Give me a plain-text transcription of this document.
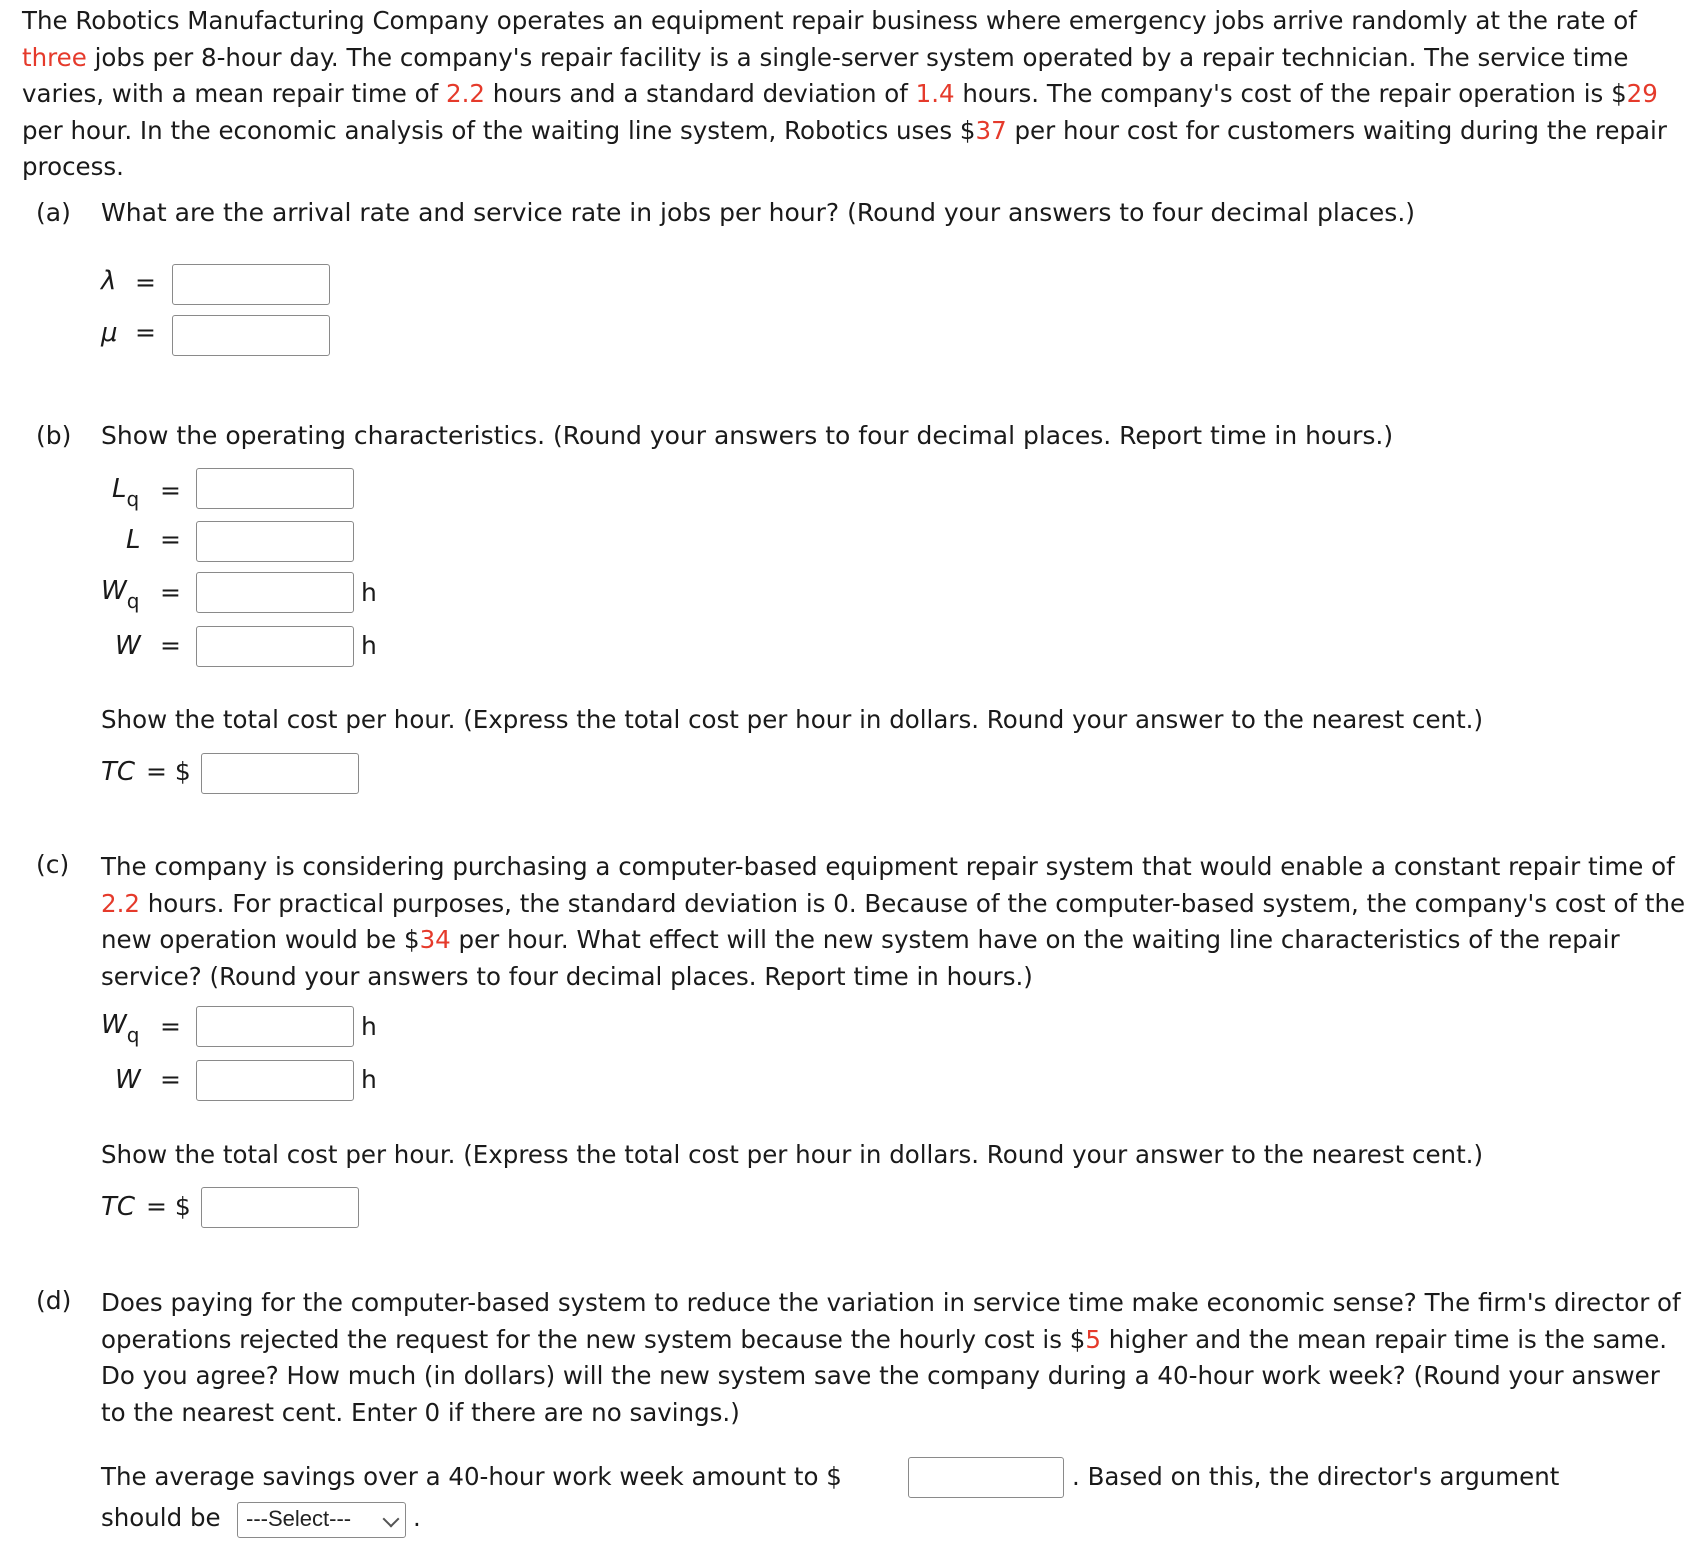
The Robotics Manufacturing Company operates an equipment repair business where emergency jobs arrive randomly at the rate of three jobs per 8-hour day. The company's repair facility is a single-server system operated by a repair technician. The service time varies, with a mean repair time of 2.2 hours and a standard deviation of 1.4 hours. The company's cost of the repair operation is $29 per hour. In the economic analysis of the waiting line system, Robotics uses $37 per hour cost for customers waiting during the repair process.

(a) What are the arrival rate and service rate in jobs per hour? (Round your answers to four decimal places.)
λ =
μ =
(b) Show the operating characteristics. (Round your answers to four decimal places. Report time in hours.)
$L_q$ =
L =
$W_q$ =	h
W =	h
Show the total cost per hour. (Express the total cost per hour in dollars. Round your answer to the nearest cent.)
TC = $
(c) The company is considering purchasing a computer-based equipment repair system that would enable a constant repair time of 2.2 hours. For practical purposes, the standard deviation is 0. Because of the computer-based system, the company's cost of the new operation would be $34 per hour. What effect will the new system have on the waiting line characteristics of the repair service? (Round your answers to four decimal places. Report time in hours.)
$W_q$ =	h
W =	h
Show the total cost per hour. (Express the total cost per hour in dollars. Round your answer to the nearest cent.)
TC = $
(d) Does paying for the computer-based system to reduce the variation in service time make economic sense? The firm's director of operations rejected the request for the new system because the hourly cost is $5 higher and the mean repair time is the same. Do you agree? How much (in dollars) will the new system save the company during a 40-hour work week? (Round your answer to the nearest cent. Enter 0 if there are no savings.)
The average savings over a 40-hour work week amount to $	. Based on this, the director's argument
should be	---Select---	.
